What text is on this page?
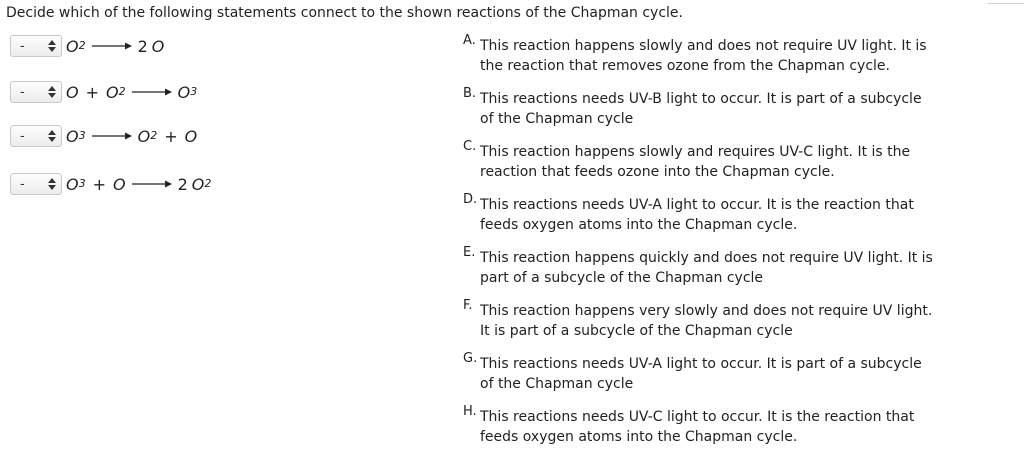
Decide which of the following statements connect to the shown reactions of the Chapman cycle.
-	O 2 → 2 O
-	O + O 2 → O 3
-	O 3 → O 2 + O
-	O 3 + O → 2 O 2
A. This reaction happens slowly and does not require UV light. It is the reaction that removes ozone from the Chapman cycle.
B. This reactions needs UV-B light to occur. It is part of a subcycle of the Chapman cycle
C. This reaction happens slowly and requires UV-C light. It is the reaction that feeds ozone into the Chapman cycle.
D. This reactions needs UV-A light to occur. It is the reaction that feeds oxygen atoms into the Chapman cycle.
E. This reaction happens quickly and does not require UV light. It is part of a subcycle of the Chapman cycle
F. This reaction happens very slowly and does not require UV light. It is part of a subcycle of the Chapman cycle
G. This reactions needs UV-A light to occur. It is part of a subcycle of the Chapman cycle
H. This reactions needs UV-C light to occur. It is the reaction that feeds oxygen atoms into the Chapman cycle.
